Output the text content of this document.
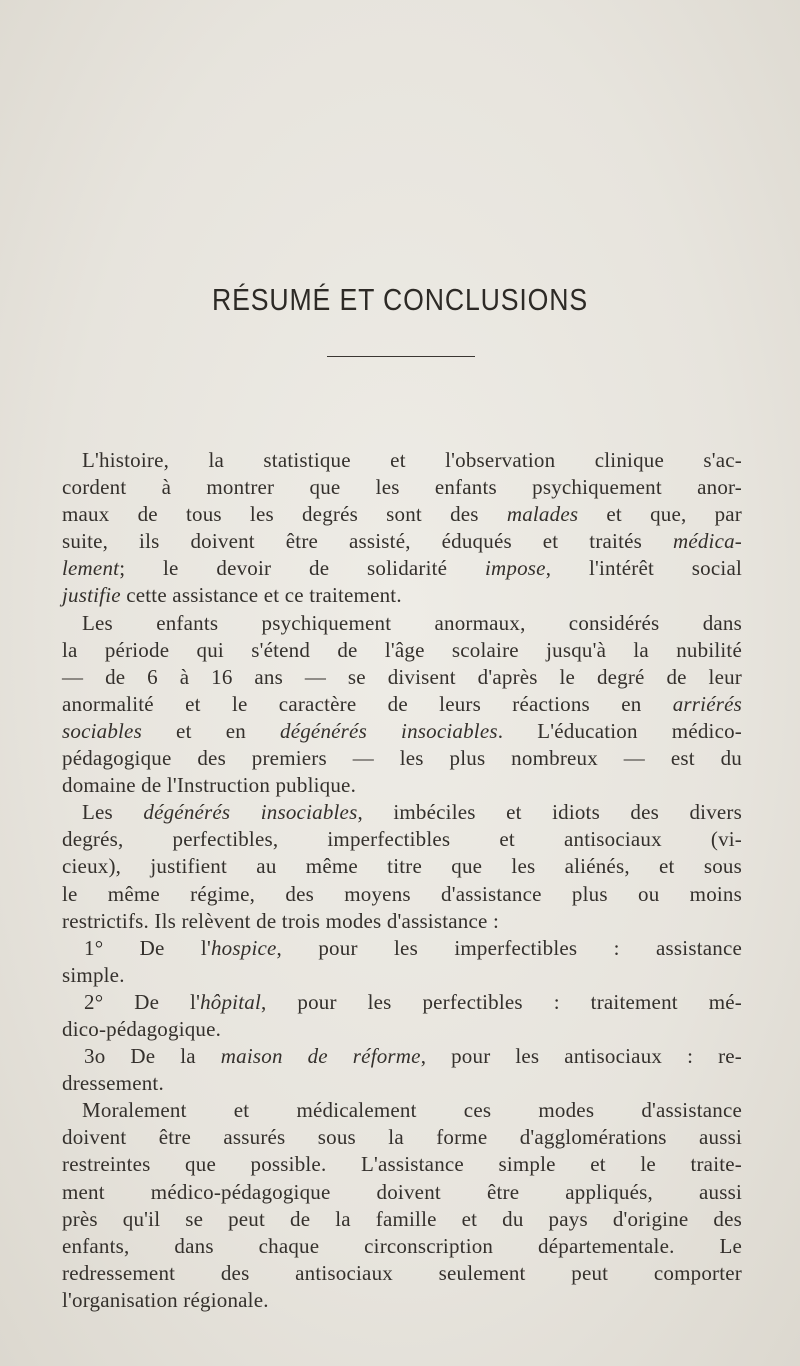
RÉSUMÉ ET CONCLUSIONS
L'histoire, la statistique et l'observation clinique s'ac-
cordent à montrer que les enfants psychiquement anor-
maux de tous les degrés sont des malades et que, par
suite, ils doivent être assisté, éduqués et traités médica-
lement; le devoir de solidarité impose, l'intérêt social
justifie cette assistance et ce traitement.
Les enfants psychiquement anormaux, considérés dans
la période qui s'étend de l'âge scolaire jusqu'à la nubilité
— de 6 à 16 ans — se divisent d'après le degré de leur
anormalité et le caractère de leurs réactions en arriérés
sociables et en dégénérés insociables. L'éducation médico-
pédagogique des premiers — les plus nombreux — est du
domaine de l'Instruction publique.
Les dégénérés insociables, imbéciles et idiots des divers
degrés, perfectibles, imperfectibles et antisociaux (vi-
cieux), justifient au même titre que les aliénés, et sous
le même régime, des moyens d'assistance plus ou moins
restrictifs. Ils relèvent de trois modes d'assistance :
1° De l'hospice, pour les imperfectibles : assistance
simple.
2° De l'hôpital, pour les perfectibles : traitement mé-
dico-pédagogique.
3o De la maison de réforme, pour les antisociaux : re-
dressement.
Moralement et médicalement ces modes d'assistance
doivent être assurés sous la forme d'agglomérations aussi
restreintes que possible. L'assistance simple et le traite-
ment médico-pédagogique doivent être appliqués, aussi
près qu'il se peut de la famille et du pays d'origine des
enfants, dans chaque circonscription départementale. Le
redressement des antisociaux seulement peut comporter
l'organisation régionale.
